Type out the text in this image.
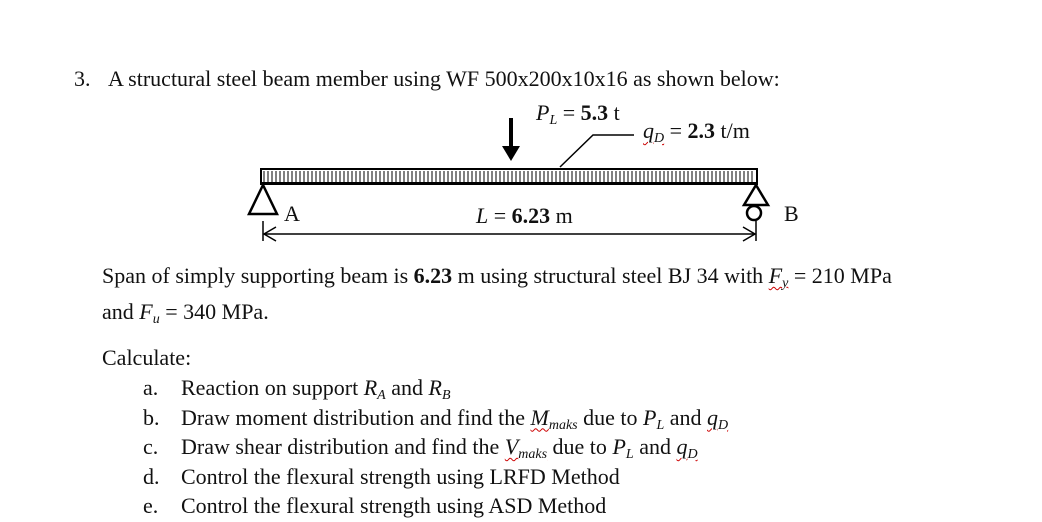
3. A structural steel beam member using WF 500x200x10x16 as shown below:
$P_L = 5.3$ t
$q_D = 2.3$ t/m
A	B
L = 6.23 m
Span of simply supporting beam is 6.23 m using structural steel BJ 34 with $F_y = 210$ MPa
and $F_u = 340$ MPa.
Calculate:
a. Reaction on support $R_A$ and $R_B$
b. Draw moment distribution and find the $M_{maks}$ due to $P_L$ and $q_D$
c. Draw shear distribution and find the $V_{maks}$ due to $P_L$ and $q_D$
d. Control the flexural strength using LRFD Method
e. Control the flexural strength using ASD Method
